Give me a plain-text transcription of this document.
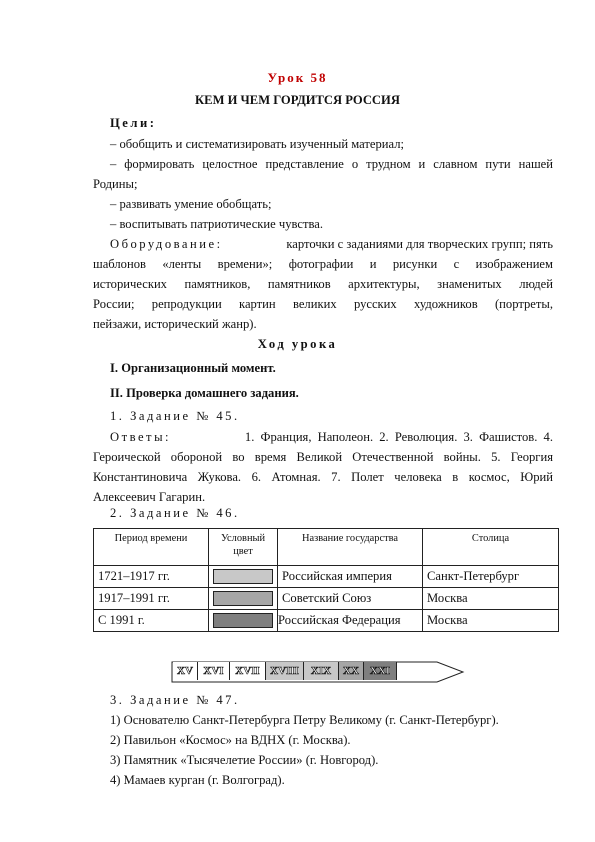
Урок 58
КЕМ И ЧЕМ ГОРДИТСЯ РОССИЯ
Цели:
– обобщить и систематизировать изученный материал;
– формировать целостное представление о трудном и славном пути нашей
Родины;
– развивать умение обобщать;
– воспитывать патриотические чувства.
Оборудование:	карточки с заданиями для творческих групп; пять
шаблонов «ленты времени»; фотографии и рисунки с изображением
исторических памятников, памятников архитектуры, знаменитых людей
России; репродукции картин великих русских художников (портреты,
пейзажи, исторический жанр).
Ход урока
I. Организационный момент.
II. Проверка домашнего задания.
1. Задание № 45.
Ответы:	1. Франция, Наполеон. 2. Революция. 3. Фашистов. 4.
Героической обороной во время Великой Отечественной войны. 5. Георгия
Константиновича Жукова. 6. Атомная. 7. Полет человека в космос, Юрий
Алексеевич Гагарин.
2. Задание № 46.
Период времени	Условный цвет	Название государства	Столица
1721–1917 гг.		Российская империя	Санкт-Петербург
1917–1991 гг.		Советский Союз	Москва
С 1991 г.		Российская Федерация	Москва
XV XVI	XVII XVIII	XIX	XX XXI
3. Задание № 47.
1) Основателю Санкт-Петербурга Петру Великому (г. Санкт-Петербург).
2) Павильон «Космос» на ВДНХ (г. Москва).
3) Памятник «Тысячелетие России» (г. Новгород).
4) Мамаев курган (г. Волгоград).
